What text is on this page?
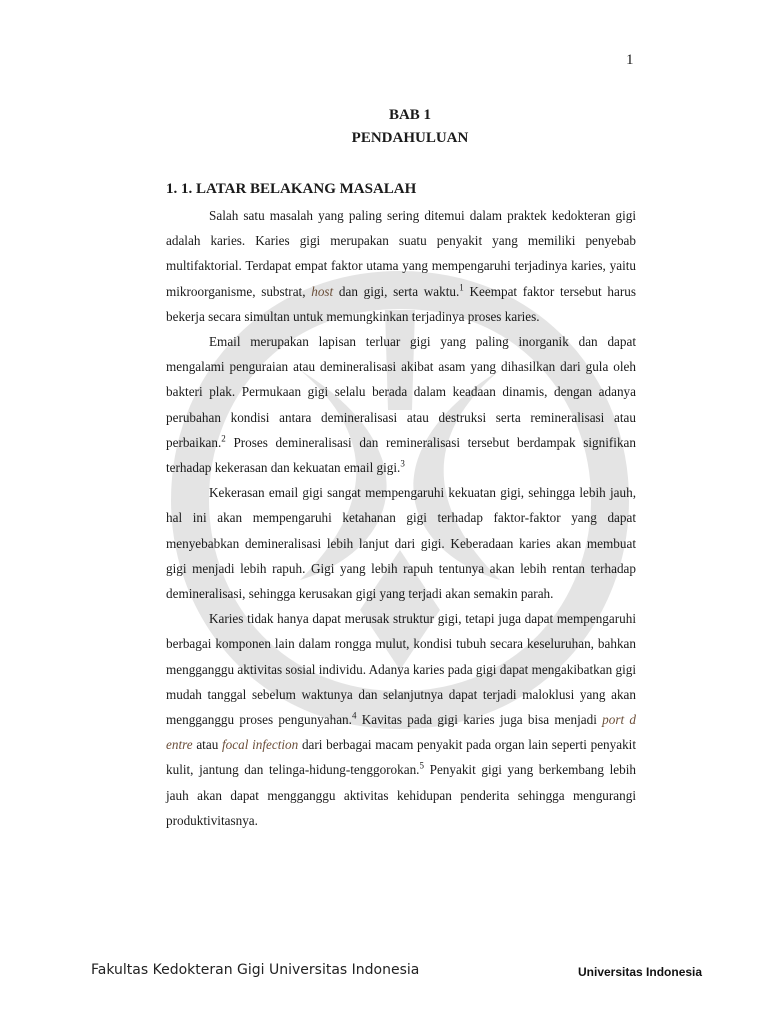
1
BAB 1
PENDAHULUAN
1. 1. LATAR BELAKANG MASALAH

Salah satu masalah yang paling sering ditemui dalam praktek kedokteran gigi adalah karies. Karies gigi merupakan suatu penyakit yang memiliki penyebab multifaktorial. Terdapat empat faktor utama yang mempengaruhi terjadinya karies, yaitu mikroorganisme, substrat, host dan gigi, serta waktu.$^1$ Keempat faktor tersebut harus bekerja secara simultan untuk memungkinkan terjadinya proses karies.

Email merupakan lapisan terluar gigi yang paling inorganik dan dapat mengalami penguraian atau demineralisasi akibat asam yang dihasilkan dari gula oleh bakteri plak. Permukaan gigi selalu berada dalam keadaan dinamis, dengan adanya perubahan kondisi antara demineralisasi atau destruksi serta remineralisasi atau perbaikan.$^2$ Proses demineralisasi dan remineralisasi tersebut berdampak signifikan terhadap kekerasan dan kekuatan email gigi.$^3$

Kekerasan email gigi sangat mempengaruhi kekuatan gigi, sehingga lebih jauh, hal ini akan mempengaruhi ketahanan gigi terhadap faktor-faktor yang dapat menyebabkan demineralisasi lebih lanjut dari gigi. Keberadaan karies akan membuat gigi menjadi lebih rapuh. Gigi yang lebih rapuh tentunya akan lebih rentan terhadap demineralisasi, sehingga kerusakan gigi yang terjadi akan semakin parah.

Karies tidak hanya dapat merusak struktur gigi, tetapi juga dapat mempengaruhi berbagai komponen lain dalam rongga mulut, kondisi tubuh secara keseluruhan, bahkan mengganggu aktivitas sosial individu. Adanya karies pada gigi dapat mengakibatkan gigi mudah tanggal sebelum waktunya dan selanjutnya dapat terjadi maloklusi yang akan mengganggu proses pengunyahan.$^4$ Kavitas pada gigi karies juga bisa menjadi port d entre atau focal infection dari berbagai macam penyakit pada organ lain seperti penyakit kulit, jantung dan telinga-hidung-tenggorokan.$^5$ Penyakit gigi yang berkembang lebih jauh akan dapat mengganggu aktivitas kehidupan penderita sehingga mengurangi produktivitasnya.

Fakultas Kedokteran Gigi Universitas Indonesia	Universitas Indonesia
